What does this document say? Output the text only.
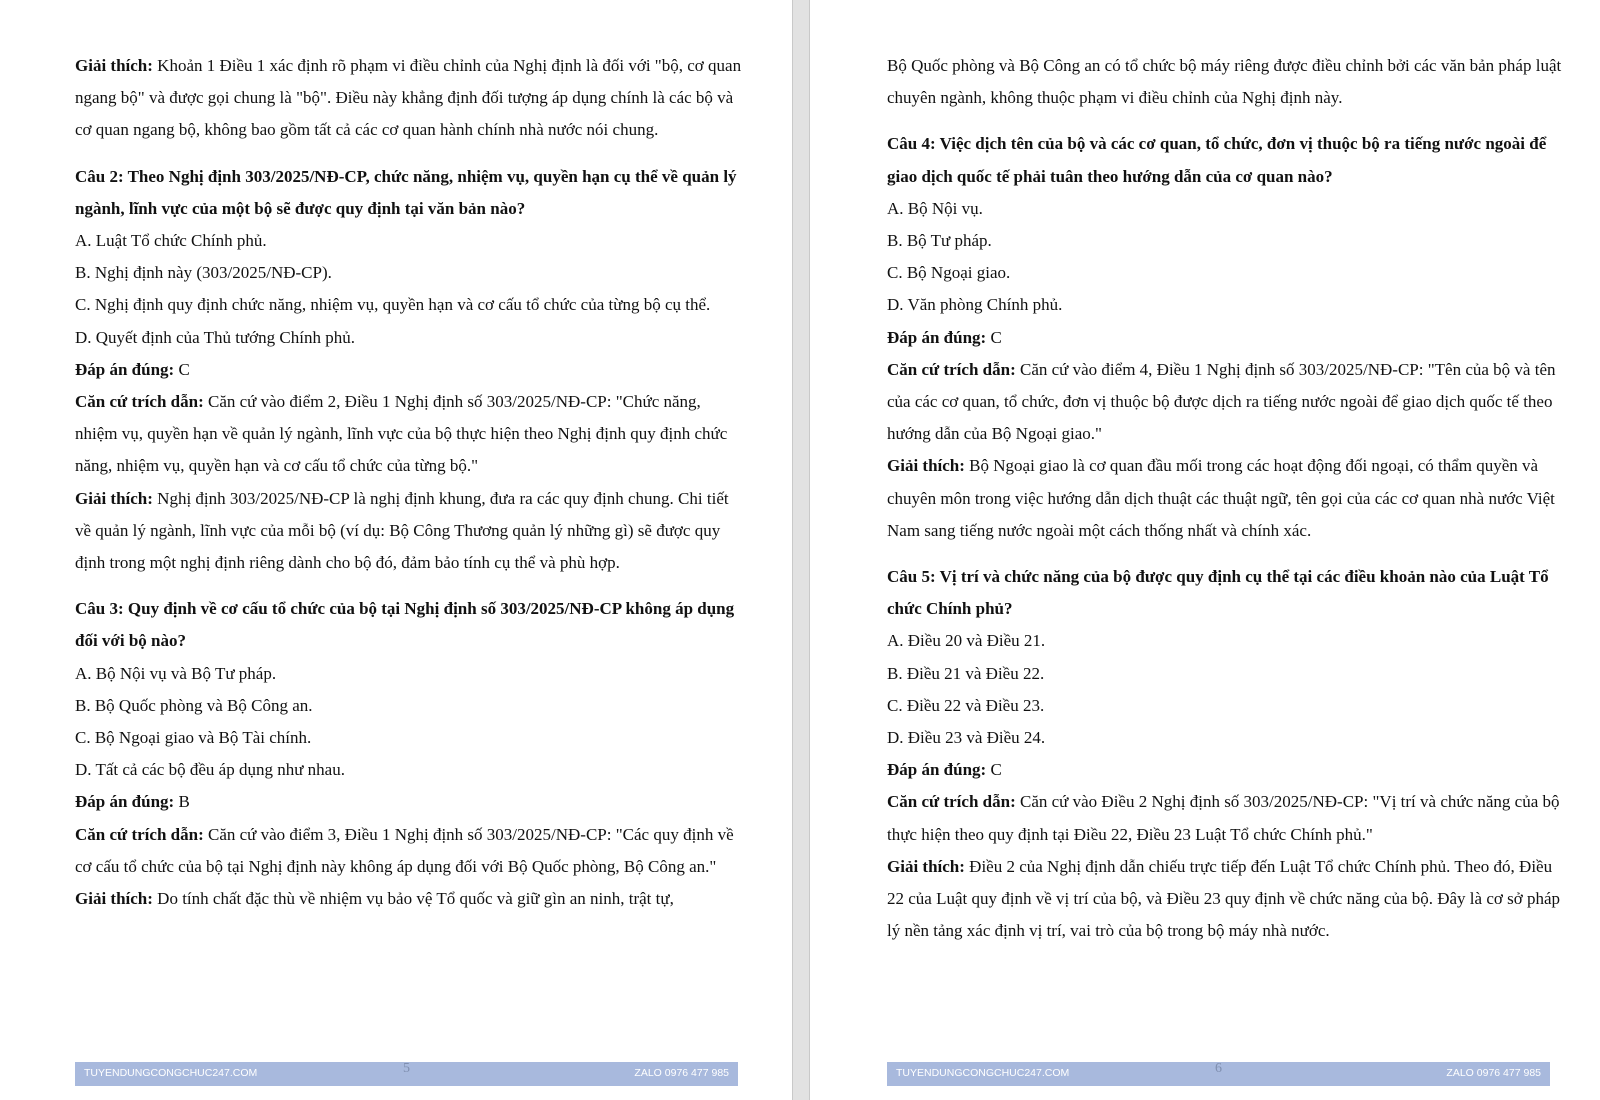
Giải thích: Khoản 1 Điều 1 xác định rõ phạm vi điều chỉnh của Nghị định là đối với "bộ, cơ quan ngang bộ" và được gọi chung là "bộ". Điều này khẳng định đối tượng áp dụng chính là các bộ và cơ quan ngang bộ, không bao gồm tất cả các cơ quan hành chính nhà nước nói chung.

Câu 2: Theo Nghị định 303/2025/NĐ-CP, chức năng, nhiệm vụ, quyền hạn cụ thể về quản lý ngành, lĩnh vực của một bộ sẽ được quy định tại văn bản nào?

A. Luật Tổ chức Chính phủ.

B. Nghị định này (303/2025/NĐ-CP).

C. Nghị định quy định chức năng, nhiệm vụ, quyền hạn và cơ cấu tổ chức của từng bộ cụ thể.

D. Quyết định của Thủ tướng Chính phủ.

Đáp án đúng: C

Căn cứ trích dẫn: Căn cứ vào điểm 2, Điều 1 Nghị định số 303/2025/NĐ-CP: "Chức năng, nhiệm vụ, quyền hạn về quản lý ngành, lĩnh vực của bộ thực hiện theo Nghị định quy định chức năng, nhiệm vụ, quyền hạn và cơ cấu tổ chức của từng bộ."

Giải thích: Nghị định 303/2025/NĐ-CP là nghị định khung, đưa ra các quy định chung. Chi tiết về quản lý ngành, lĩnh vực của mỗi bộ (ví dụ: Bộ Công Thương quản lý những gì) sẽ được quy định trong một nghị định riêng dành cho bộ đó, đảm bảo tính cụ thể và phù hợp.

Câu 3: Quy định về cơ cấu tổ chức của bộ tại Nghị định số 303/2025/NĐ-CP không áp dụng đối với bộ nào?

A. Bộ Nội vụ và Bộ Tư pháp.

B. Bộ Quốc phòng và Bộ Công an.

C. Bộ Ngoại giao và Bộ Tài chính.

D. Tất cả các bộ đều áp dụng như nhau.

Đáp án đúng: B

Căn cứ trích dẫn: Căn cứ vào điểm 3, Điều 1 Nghị định số 303/2025/NĐ-CP: "Các quy định về cơ cấu tổ chức của bộ tại Nghị định này không áp dụng đối với Bộ Quốc phòng, Bộ Công an."

Giải thích: Do tính chất đặc thù về nhiệm vụ bảo vệ Tổ quốc và giữ gìn an ninh, trật tự,

TUYENDUNGCONGCHUC247.COM	5	ZALO 0976 477 985

Bộ Quốc phòng và Bộ Công an có tổ chức bộ máy riêng được điều chỉnh bởi các văn bản pháp luật chuyên ngành, không thuộc phạm vi điều chỉnh của Nghị định này.

Câu 4: Việc dịch tên của bộ và các cơ quan, tổ chức, đơn vị thuộc bộ ra tiếng nước ngoài để giao dịch quốc tế phải tuân theo hướng dẫn của cơ quan nào?

A. Bộ Nội vụ.

B. Bộ Tư pháp.

C. Bộ Ngoại giao.

D. Văn phòng Chính phủ.

Đáp án đúng: C

Căn cứ trích dẫn: Căn cứ vào điểm 4, Điều 1 Nghị định số 303/2025/NĐ-CP: "Tên của bộ và tên của các cơ quan, tổ chức, đơn vị thuộc bộ được dịch ra tiếng nước ngoài để giao dịch quốc tế theo hướng dẫn của Bộ Ngoại giao."

Giải thích: Bộ Ngoại giao là cơ quan đầu mối trong các hoạt động đối ngoại, có thẩm quyền và chuyên môn trong việc hướng dẫn dịch thuật các thuật ngữ, tên gọi của các cơ quan nhà nước Việt Nam sang tiếng nước ngoài một cách thống nhất và chính xác.

Câu 5: Vị trí và chức năng của bộ được quy định cụ thể tại các điều khoản nào của Luật Tổ chức Chính phủ?

A. Điều 20 và Điều 21.

B. Điều 21 và Điều 22.

C. Điều 22 và Điều 23.

D. Điều 23 và Điều 24.

Đáp án đúng: C

Căn cứ trích dẫn: Căn cứ vào Điều 2 Nghị định số 303/2025/NĐ-CP: "Vị trí và chức năng của bộ thực hiện theo quy định tại Điều 22, Điều 23 Luật Tổ chức Chính phủ."

Giải thích: Điều 2 của Nghị định dẫn chiếu trực tiếp đến Luật Tổ chức Chính phủ. Theo đó, Điều 22 của Luật quy định về vị trí của bộ, và Điều 23 quy định về chức năng của bộ. Đây là cơ sở pháp lý nền tảng xác định vị trí, vai trò của bộ trong bộ máy nhà nước.

TUYENDUNGCONGCHUC247.COM	6	ZALO 0976 477 985
